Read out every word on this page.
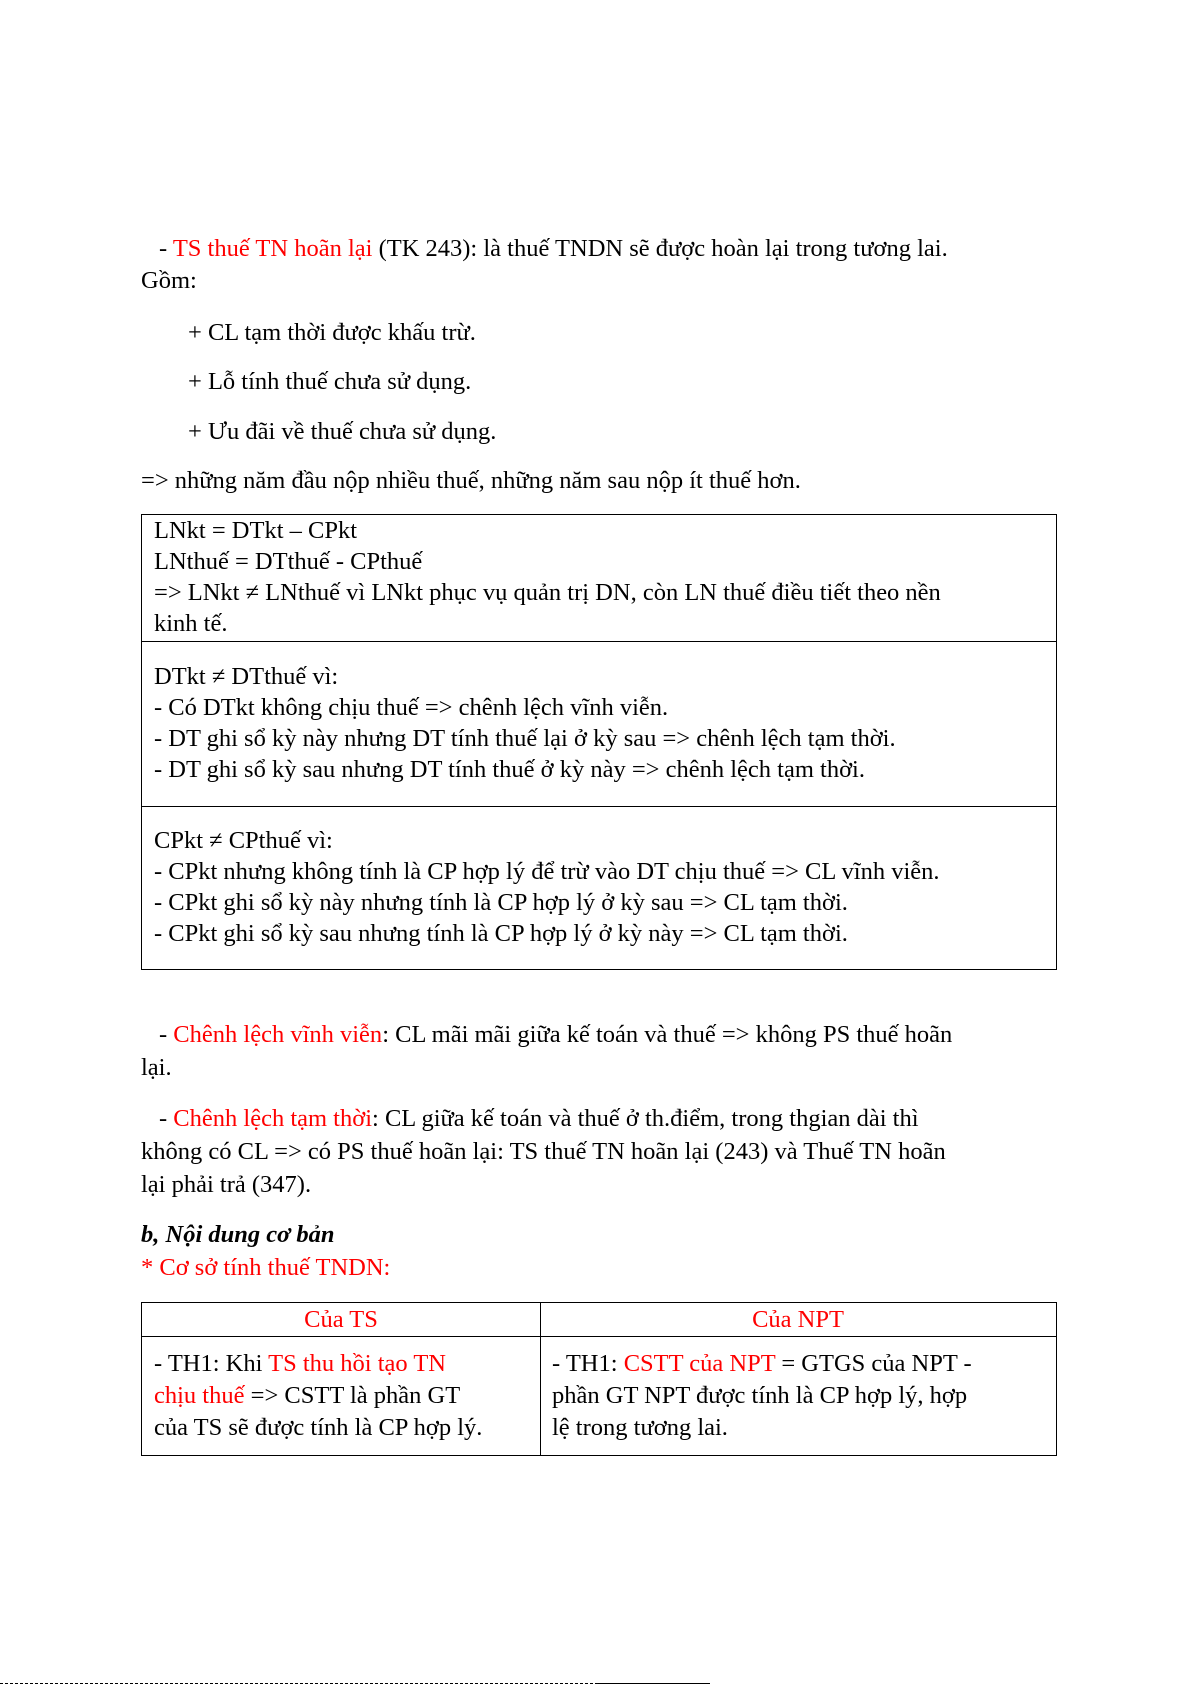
- TS thuế TN hoãn lại (TK 243): là thuế TNDN sẽ được hoàn lại trong tương lai.
Gồm:
+ CL tạm thời được khấu trừ.
+ Lỗ tính thuế chưa sử dụng.
+ Ưu đãi về thuế chưa sử dụng.
=> những năm đầu nộp nhiều thuế, những năm sau nộp ít thuế hơn.
LNkt = DTkt – CPkt
LNthuế = DTthuế - CPthuế
=> LNkt ≠ LNthuế vì LNkt phục vụ quản trị DN, còn LN thuế điều tiết theo nền
kinh tế.
DTkt ≠ DTthuế vì:
- Có DTkt không chịu thuế => chênh lệch vĩnh viễn.
- DT ghi sổ kỳ này nhưng DT tính thuế lại ở kỳ sau => chênh lệch tạm thời.
- DT ghi sổ kỳ sau nhưng DT tính thuế ở kỳ này => chênh lệch tạm thời.
CPkt ≠ CPthuế vì:
- CPkt nhưng không tính là CP hợp lý để trừ vào DT chịu thuế => CL vĩnh viễn.
- CPkt ghi sổ kỳ này nhưng tính là CP hợp lý ở kỳ sau => CL tạm thời.
- CPkt ghi sổ kỳ sau nhưng tính là CP hợp lý ở kỳ này => CL tạm thời.
- Chênh lệch vĩnh viễn: CL mãi mãi giữa kế toán và thuế => không PS thuế hoãn
lại.
- Chênh lệch tạm thời: CL giữa kế toán và thuế ở th.điểm, trong thgian dài thì
không có CL => có PS thuế hoãn lại: TS thuế TN hoãn lại (243) và Thuế TN hoãn
lại phải trả (347).
b, Nội dung cơ bản
* Cơ sở tính thuế TNDN:
Của TS	Của NPT
- TH1: Khi TS thu hồi tạo TN
chịu thuế => CSTT là phần GT
của TS sẽ được tính là CP hợp lý.
- TH1: CSTT của NPT = GTGS của NPT -
phần GT NPT được tính là CP hợp lý, hợp
lệ trong tương lai.
